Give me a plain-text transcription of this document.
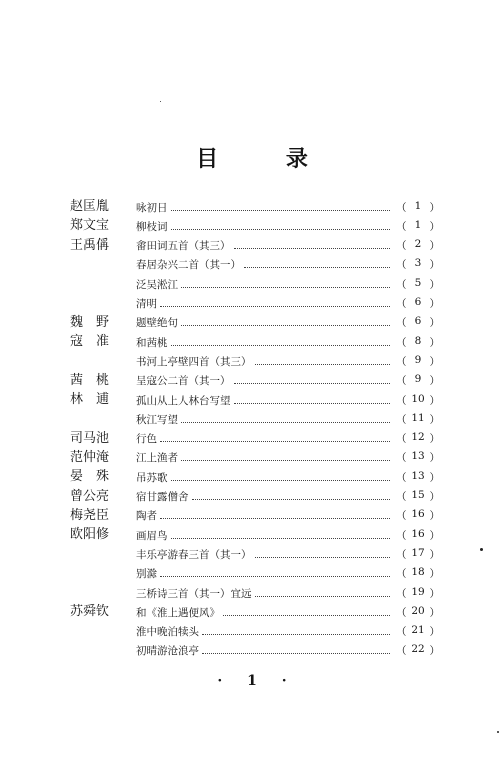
目 录
赵匡胤	咏初日	（ 1 ）
郑文宝	柳枝词	（ 1 ）
王禹偁	畬田词五首（其三）	（ 2 ）
春居杂兴二首（其一）	（ 3 ）
泛吴淞江	（ 5 ）
清明	（ 6 ）
魏　野	题壁绝句	（ 6 ）
寇　准	和茜桃	（ 8 ）
书河上亭壁四首（其三）	（ 9 ）
茜　桃	呈寇公二首（其一）	（ 9 ）
林　逋	孤山从上人林台写望	（ 10 ）
秋江写望	（ 11 ）
司马池	行色	（ 12 ）
范仲淹	江上渔者	（ 13 ）
晏　殊	吊苏歌	（ 13 ）
曾公亮	宿甘露僧舍	（ 15 ）
梅尧臣	陶者	（ 16 ）
欧阳修	画眉鸟	（ 16 ）
丰乐亭游春三首（其一）	（ 17 ）
别滁	（ 18 ）
三桥诗三首（其一）宜远	（ 19 ）
苏舜钦	和《淮上遇便风》	（ 20 ）
淮中晚泊犊头	（ 21 ）
初晴游沧浪亭	（ 22 ）
· 1 ·
